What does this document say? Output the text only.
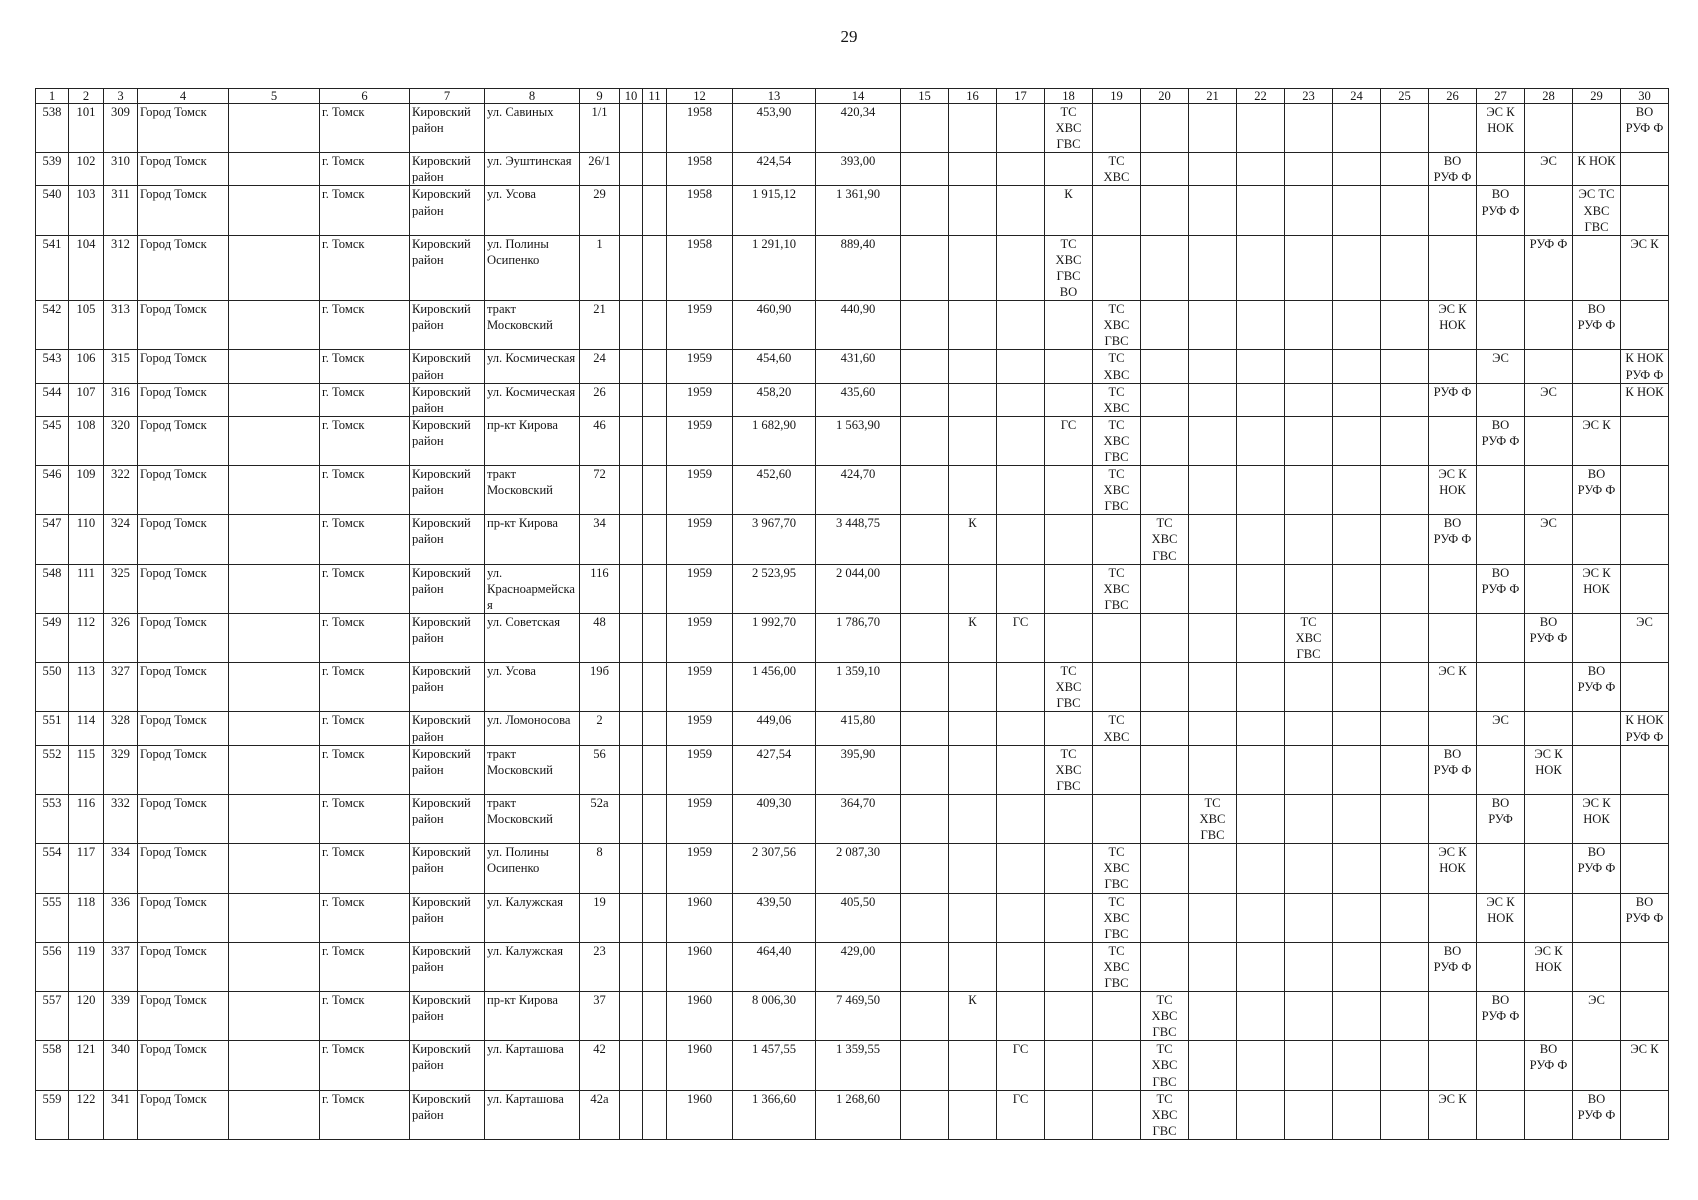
29
1	2	3	4	5	6	7	8	9	10	11	12	13	14	15	16	17	18	19	20	21	22	23	24	25	26	27	28	29	30
538	101	309	Город Томск		г. Томск	Кировский район	ул. Савиных	1/1			1958	453,90	420,34				ТС
ХВС
ГВС									ЭС К
НОК			ВО
РУФ Ф
539	102	310	Город Томск		г. Томск	Кировский район	ул. Эуштинская	26/1			1958	424,54	393,00					ТС
ХВС							ВО
РУФ Ф		ЭС	К НОК	
540	103	311	Город Томск		г. Томск	Кировский район	ул. Усова	29			1958	1 915,12	1 361,90				К									ВО
РУФ Ф		ЭС ТС
ХВС
ГВС	
541	104	312	Город Томск		г. Томск	Кировский район	ул. Полины Осипенко	1			1958	1 291,10	889,40				ТС
ХВС
ГВС
ВО										РУФ Ф		ЭС К
542	105	313	Город Томск		г. Томск	Кировский район	тракт Московский	21			1959	460,90	440,90					ТС
ХВС
ГВС							ЭС К
НОК			ВО
РУФ Ф	
543	106	315	Город Томск		г. Томск	Кировский район	ул. Космическая	24			1959	454,60	431,60					ТС
ХВС								ЭС			К НОК
РУФ Ф
544	107	316	Город Томск		г. Томск	Кировский район	ул. Космическая	26			1959	458,20	435,60					ТС
ХВС							РУФ Ф		ЭС		К НОК
545	108	320	Город Томск		г. Томск	Кировский район	пр-кт Кирова	46			1959	1 682,90	1 563,90				ГС	ТС
ХВС
ГВС								ВО
РУФ Ф		ЭС К	
546	109	322	Город Томск		г. Томск	Кировский район	тракт Московский	72			1959	452,60	424,70					ТС
ХВС
ГВС							ЭС К
НОК			ВО
РУФ Ф	
547	110	324	Город Томск		г. Томск	Кировский район	пр-кт Кирова	34			1959	3 967,70	3 448,75		К				ТС
ХВС
ГВС						ВО
РУФ Ф		ЭС		
548	111	325	Город Томск		г. Томск	Кировский район	ул. Красноармейская	116			1959	2 523,95	2 044,00					ТС
ХВС
ГВС								ВО
РУФ Ф		ЭС К
НОК	
549	112	326	Город Томск		г. Томск	Кировский район	ул. Советская	48			1959	1 992,70	1 786,70		К	ГС						ТС
ХВС
ГВС					ВО
РУФ Ф		ЭС
550	113	327	Город Томск		г. Томск	Кировский район	ул. Усова	19б			1959	1 456,00	1 359,10				ТС
ХВС
ГВС								ЭС К			ВО
РУФ Ф	
551	114	328	Город Томск		г. Томск	Кировский район	ул. Ломоносова	2			1959	449,06	415,80					ТС
ХВС								ЭС			К НОК
РУФ Ф
552	115	329	Город Томск		г. Томск	Кировский район	тракт Московский	56			1959	427,54	395,90				ТС
ХВС
ГВС								ВО
РУФ Ф		ЭС К
НОК		
553	116	332	Город Томск		г. Томск	Кировский район	тракт Московский	52а			1959	409,30	364,70							ТС
ХВС
ГВС						ВО
РУФ		ЭС К
НОК	
554	117	334	Город Томск		г. Томск	Кировский район	ул. Полины Осипенко	8			1959	2 307,56	2 087,30					ТС
ХВС
ГВС							ЭС К
НОК			ВО
РУФ Ф	
555	118	336	Город Томск		г. Томск	Кировский район	ул. Калужская	19			1960	439,50	405,50					ТС
ХВС
ГВС								ЭС К
НОК			ВО
РУФ Ф
556	119	337	Город Томск		г. Томск	Кировский район	ул. Калужская	23			1960	464,40	429,00					ТС
ХВС
ГВС							ВО
РУФ Ф		ЭС К
НОК		
557	120	339	Город Томск		г. Томск	Кировский район	пр-кт Кирова	37			1960	8 006,30	7 469,50		К				ТС
ХВС
ГВС							ВО
РУФ Ф		ЭС	
558	121	340	Город Томск		г. Томск	Кировский район	ул. Карташова	42			1960	1 457,55	1 359,55			ГС			ТС
ХВС
ГВС								ВО
РУФ Ф		ЭС К
559	122	341	Город Томск		г. Томск	Кировский район	ул. Карташова	42а			1960	1 366,60	1 268,60			ГС			ТС
ХВС
ГВС						ЭС К			ВО
РУФ Ф	
